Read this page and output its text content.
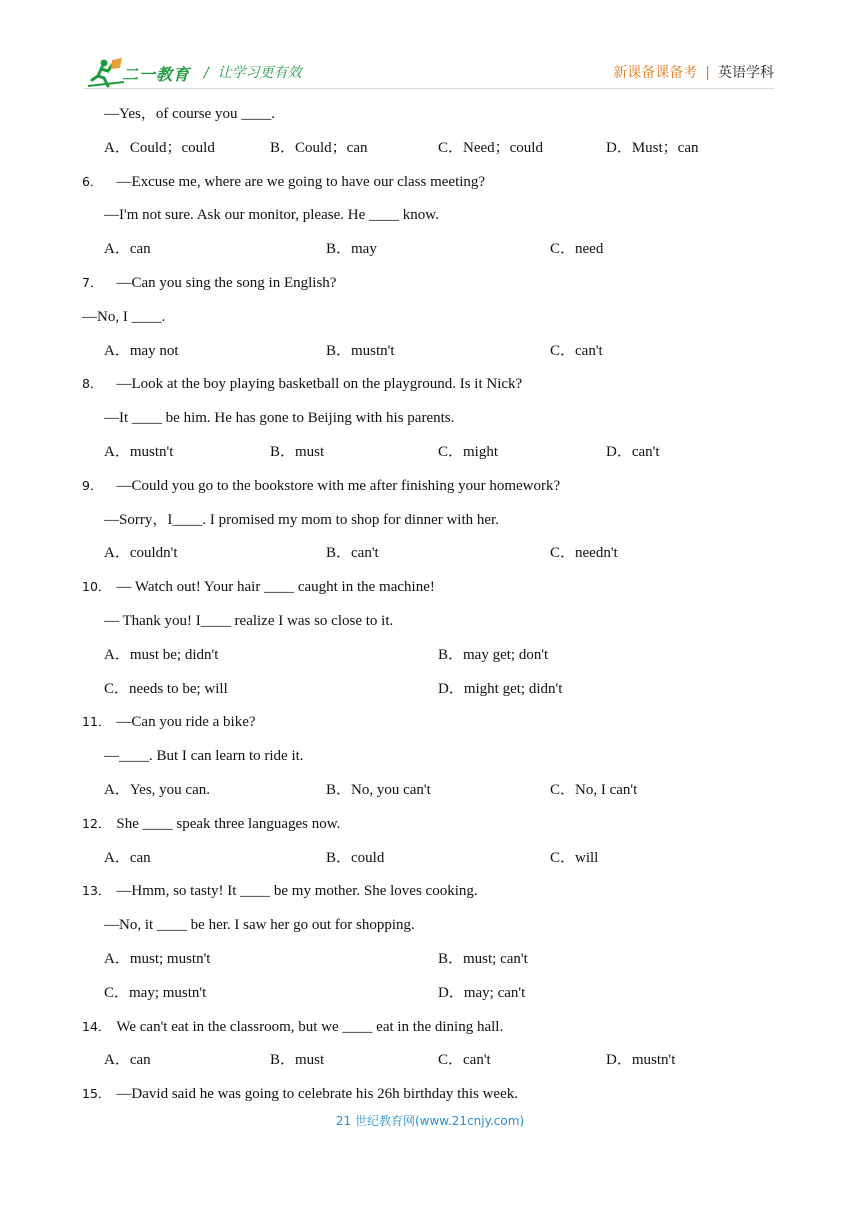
二一教育 /  让学习更有效	新课备课备考 | 英语学科
—Yes，of course you ____.
A．Could；could	B．Could；can	C．Need；could	D．Must；can
6． —Excuse me, where are we going to have our class meeting?
—I'm not sure. Ask our monitor, please. He ____ know.
A．can	B．may	C．need
7． —Can you sing the song in English?
—No, I ____.
A．may not	B．mustn't	C．can't
8． —Look at the boy playing basketball on the playground. Is it Nick?
—It ____ be him. He has gone to Beijing with his parents.
A．mustn't	B．must	C．might	D．can't
9． —Could you go to the bookstore with me after finishing your homework?
—Sorry，I____. I promised my mom to shop for dinner with her.
A．couldn't	B．can't	C．needn't
10． — Watch out! Your hair ____ caught in the machine!
— Thank you! I____ realize I was so close to it.
A．must be; didn't	B．may get; don't
C．needs to be; will	D．might get; didn't
11． —Can you ride a bike?
—____. But I can learn to ride it.
A．Yes, you can.	B．No, you can't	C．No, I can't
12． She ____ speak three languages now.
A．can	B．could	C．will
13． —Hmm, so tasty! It ____ be my mother. She loves cooking.
—No, it ____ be her. I saw her go out for shopping.
A．must; mustn't	B．must; can't
C．may; mustn't	D．may; can't
14． We can't eat in the classroom, but we ____ eat in the dining hall.
A．can	B．must	C．can't	D．mustn't
15． —David said he was going to celebrate his 26h birthday this week.
21 世纪教育网(www.21cnjy.com)
